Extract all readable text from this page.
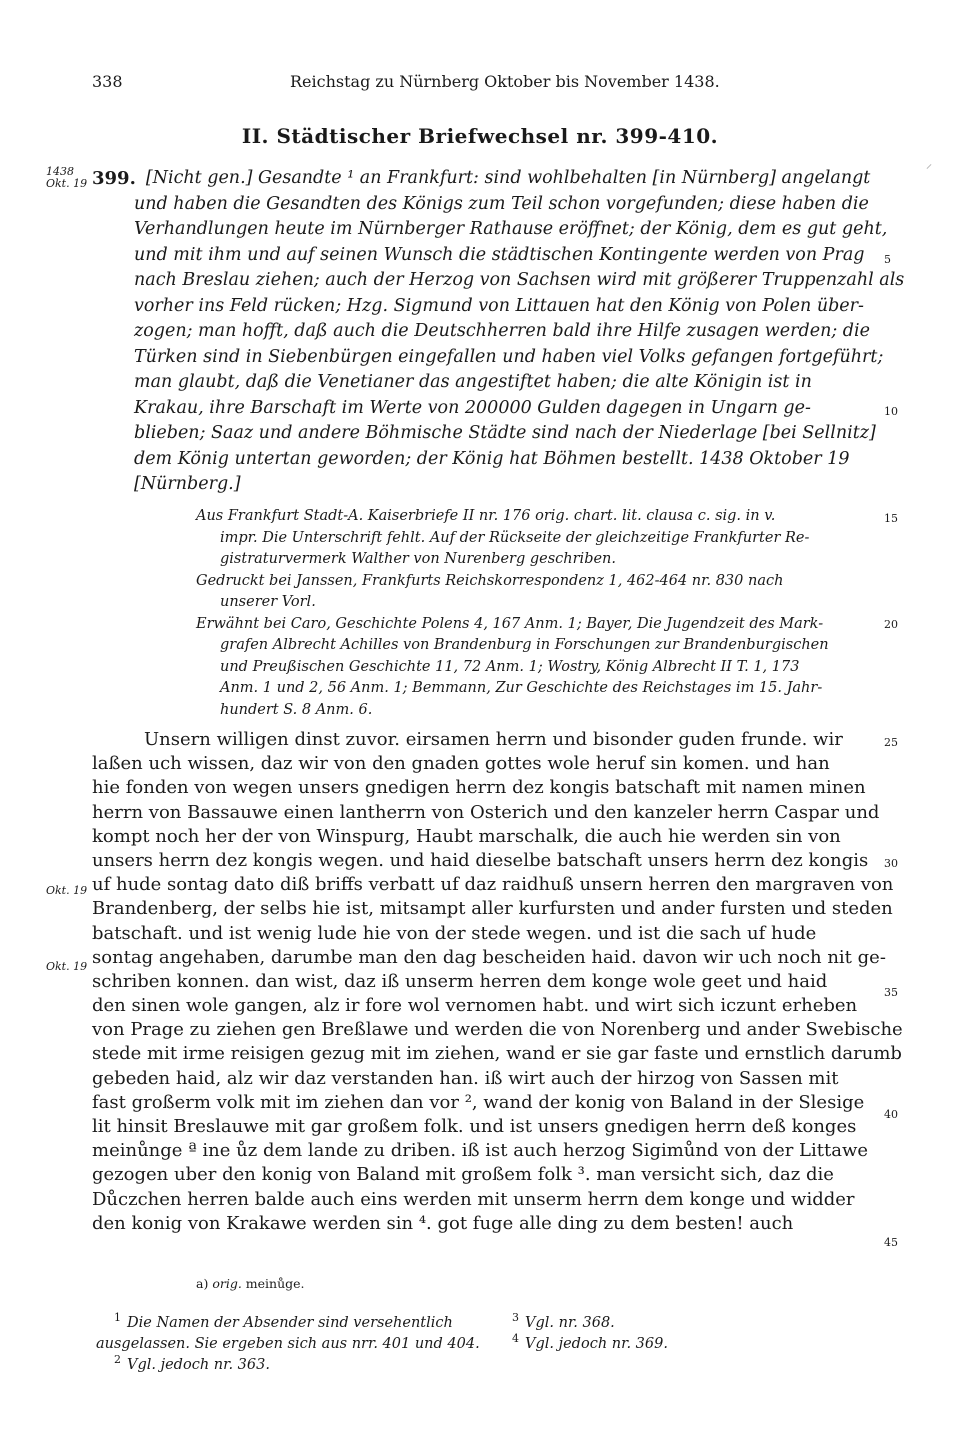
338	Reichstag zu Nürnberg Oktober bis November 1438.
II. Städtischer Briefwechsel nr. 399-410.
1438
Okt. 19 399. [Nicht gen.] Gesandte ¹ an Frankfurt: sind wohlbehalten [in Nürnberg] angelangt
und haben die Gesandten des Königs zum Teil schon vorgefunden; diese haben die
Verhandlungen heute im Nürnberger Rathause eröffnet; der König, dem es gut geht,
und mit ihm und auf seinen Wunsch die städtischen Kontingente werden von Prag
nach Breslau ziehen; auch der Herzog von Sachsen wird mit größerer Truppenzahl als
vorher ins Feld rücken; Hzg. Sigmund von Littauen hat den König von Polen über-
zogen; man hofft, daß auch die Deutschherren bald ihre Hilfe zusagen werden; die
Türken sind in Siebenbürgen eingefallen und haben viel Volks gefangen fortgeführt;
man glaubt, daß die Venetianer das angestiftet haben; die alte Königin ist in
Krakau, ihre Barschaft im Werte von 200000 Gulden dagegen in Ungarn ge-
blieben; Saaz und andere Böhmische Städte sind nach der Niederlage [bei Sellnitz]
dem König untertan geworden; der König hat Böhmen bestellt. 1438 Oktober 19
[Nürnberg.]
Aus Frankfurt Stadt-A. Kaiserbriefe II nr. 176 orig. chart. lit. clausa c. sig. in v.
impr. Die Unterschrift fehlt. Auf der Rückseite der gleichzeitige Frankfurter Re-
gistraturvermerk Walther von Nurenberg geschriben.
Gedruckt bei Janssen, Frankfurts Reichskorrespondenz 1, 462-464 nr. 830 nach
unserer Vorl.
Erwähnt bei Caro, Geschichte Polens 4, 167 Anm. 1; Bayer, Die Jugendzeit des Mark-
grafen Albrecht Achilles von Brandenburg in Forschungen zur Brandenburgischen
und Preußischen Geschichte 11, 72 Anm. 1; Wostry, König Albrecht II T. 1, 173
Anm. 1 und 2, 56 Anm. 1; Bemmann, Zur Geschichte des Reichstages im 15. Jahr-
hundert S. 8 Anm. 6.
5
10
15
20
25
30
35
40
45
Okt. 19
Okt. 19
Unsern willigen dinst zuvor. eirsamen herrn und bisonder guden frunde. wir
laßen uch wissen, daz wir von den gnaden gottes wole heruf sin komen. und han
hie fonden von wegen unsers gnedigen herrn dez kongis batschaft mit namen minen
herrn von Bassauwe einen lantherrn von Osterich und den kanzeler herrn Caspar und
kompt noch her der von Winspurg, Haubt marschalk, die auch hie werden sin von
unsers herrn dez kongis wegen. und haid dieselbe batschaft unsers herrn dez kongis
uf hude sontag dato diß briffs verbatt uf daz raidhuß unsern herren den margraven von
Brandenberg, der selbs hie ist, mitsampt aller kurfursten und ander fursten und steden
batschaft. und ist wenig lude hie von der stede wegen. und ist die sach uf hude
sontag angehaben, darumbe man den dag bescheiden haid. davon wir uch noch nit ge-
schriben konnen. dan wist, daz iß unserm herren dem konge wole geet und haid
den sinen wole gangen, alz ir fore wol vernomen habt. und wirt sich iczunt erheben
von Prage zu ziehen gen Breßlawe und werden die von Norenberg und ander Swebische
stede mit irme reisigen gezug mit im ziehen, wand er sie gar faste und ernstlich darumb
gebeden haid, alz wir daz verstanden han. iß wirt auch der hirzog von Sassen mit
fast großerm volk mit im ziehen dan vor ², wand der konig von Baland in der Slesige
lit hinsit Breslauwe mit gar großem folk. und ist unsers gnedigen herrn deß konges
meinůnge ª ine ůz dem lande zu driben. iß ist auch herzog Sigimůnd von der Littawe
gezogen uber den konig von Baland mit großem folk ³. man versicht sich, daz die
Důczchen herren balde auch eins werden mit unserm herrn dem konge und widder
den konig von Krakawe werden sin ⁴. got fuge alle ding zu dem besten! auch
a) orig. meinůge.
$^1$ Die Namen der Absender sind versehentlich
ausgelassen. Sie ergeben sich aus nrr. 401 und 404.
$^2$ Vgl. jedoch nr. 363.
$^3$ Vgl. nr. 368.
$^4$ Vgl. jedoch nr. 369.
